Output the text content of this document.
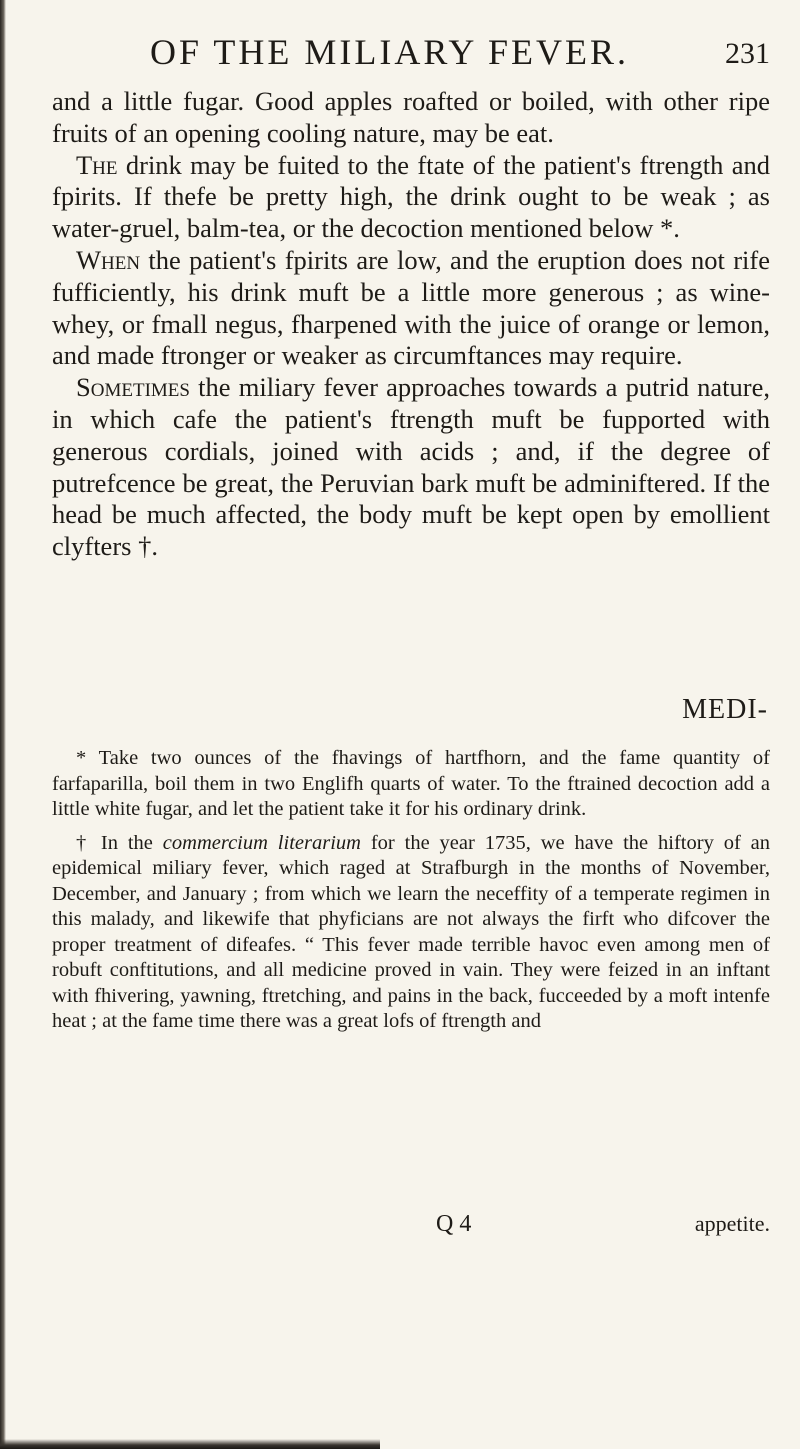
OF THE MILIARY FEVER.	231

and a little fugar. Good apples roafted or boiled, with other ripe fruits of an opening cooling nature, may be eat.

The drink may be fuited to the ftate of the patient's ftrength and fpirits. If thefe be pretty high, the drink ought to be weak ; as water-gruel, balm-tea, or the decoction mentioned below *.

When the patient's fpirits are low, and the eruption does not rife fufficiently, his drink muft be a little more generous ; as wine-whey, or fmall negus, fharpened with the juice of orange or lemon, and made ftronger or weaker as circumftances may require.

Sometimes the miliary fever approaches towards a putrid nature, in which cafe the patient's ftrength muft be fupported with generous cordials, joined with acids ; and, if the degree of putrefcence be great, the Peruvian bark muft be adminiftered. If the head be much affected, the body muft be kept open by emollient clyfters †.

MEDI-

* Take two ounces of the fhavings of hartfhorn, and the fame quantity of farfaparilla, boil them in two Englifh quarts of water. To the ftrained decoction add a little white fugar, and let the patient take it for his ordinary drink.

† In the commercium literarium for the year 1735, we have the hiftory of an epidemical miliary fever, which raged at Strafburgh in the months of November, December, and January ; from which we learn the neceffity of a temperate regimen in this malady, and likewife that phyficians are not always the firft who difcover the proper treatment of difeafes. “ This fever made terrible havoc even among men of robuft conftitutions, and all medicine proved in vain. They were feized in an inftant with fhivering, yawning, ftretching, and pains in the back, fucceeded by a moft intenfe heat ; at the fame time there was a great lofs of ftrength and

Q 4	appetite.
